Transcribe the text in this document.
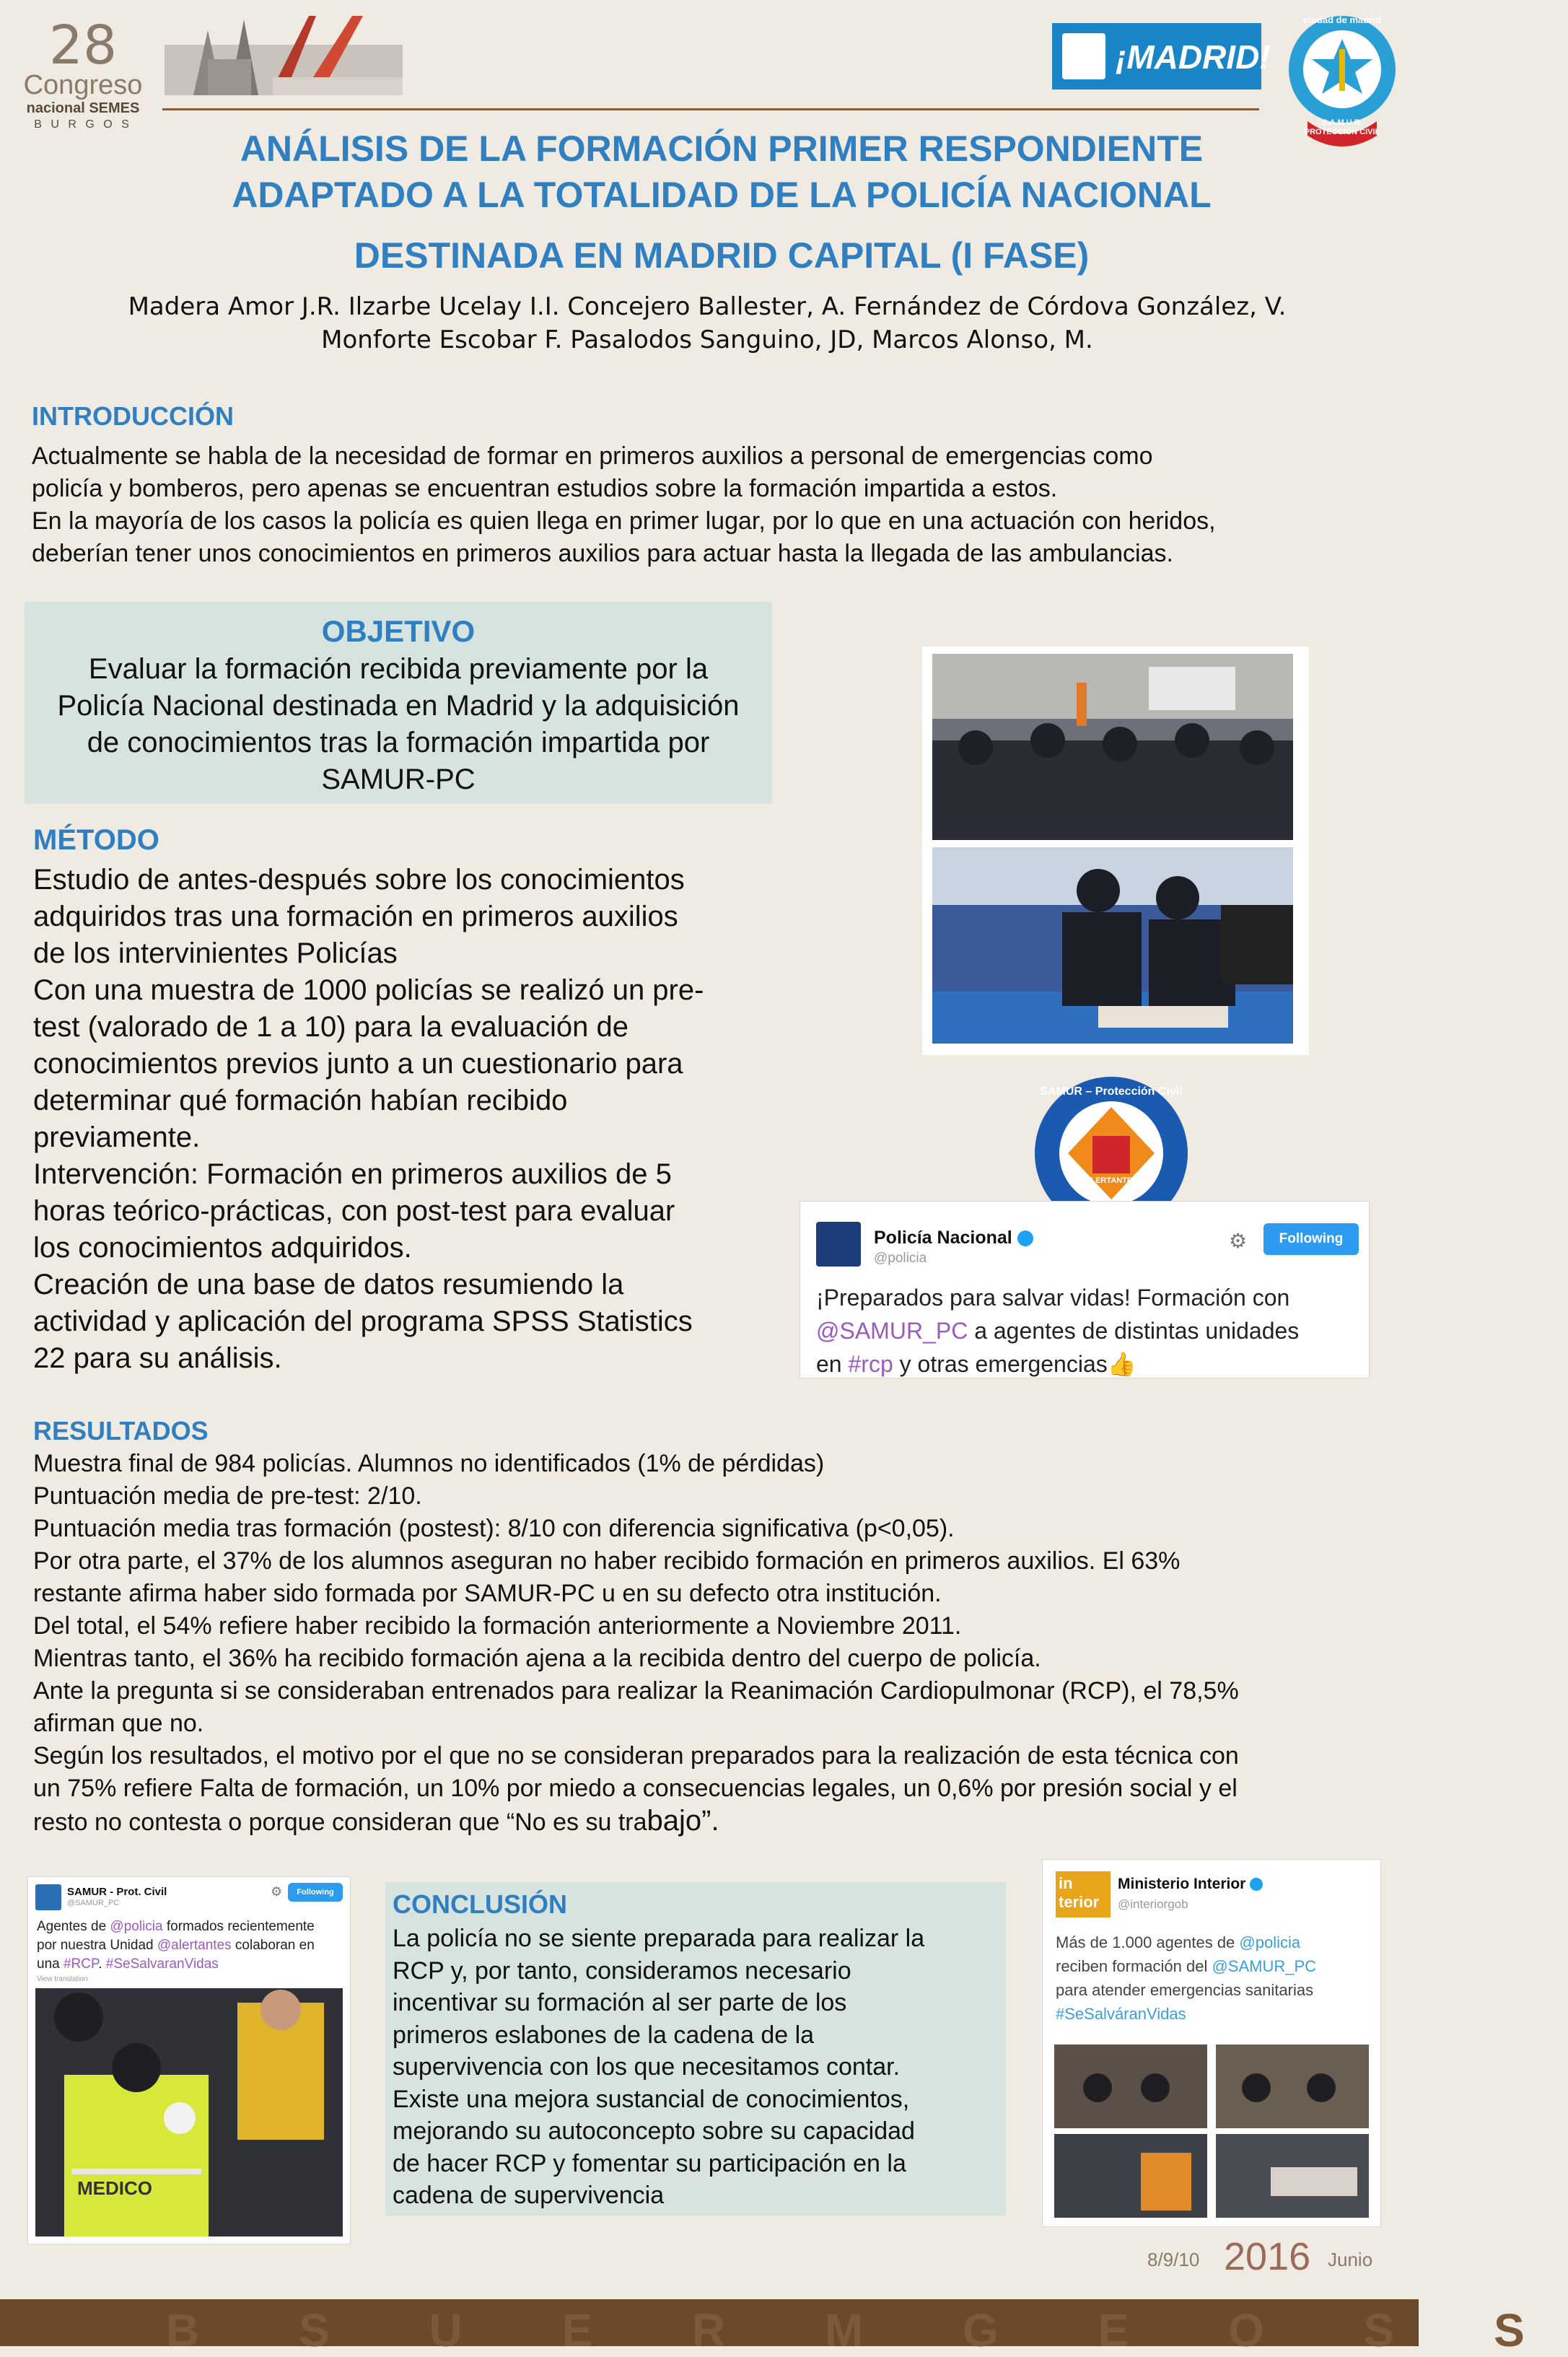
28
Congreso
nacional SEMES
B U R G O S
¡MADRID!
ciudad de madrid
S.A.M.U.R. PROTECCIÓN CIVIL
ANÁLISIS DE LA FORMACIÓN PRIMER RESPONDIENTE
ADAPTADO A LA TOTALIDAD DE LA POLICÍA NACIONAL
DESTINADA EN MADRID CAPITAL (I FASE)
Madera Amor J.R. Ilzarbe Ucelay I.I. Concejero Ballester, A. Fernández de Córdova González, V.
Monforte Escobar F. Pasalodos Sanguino, JD, Marcos Alonso, M.
INTRODUCCIÓN
Actualmente se habla de la necesidad de formar en primeros auxilios a personal de emergencias como
policía y bomberos, pero apenas se encuentran estudios sobre la formación impartida a estos.
En la mayoría de los casos la policía es quien llega en primer lugar, por lo que en una actuación con heridos,
deberían tener unos conocimientos en primeros auxilios para actuar hasta la llegada de las ambulancias.
OBJETIVO
Evaluar la formación recibida previamente por la
Policía Nacional destinada en Madrid y la adquisición
de conocimientos tras la formación impartida por
SAMUR-PC
MÉTODO
Estudio de antes-después sobre los conocimientos
adquiridos tras una formación en primeros auxilios
de los intervinientes Policías
Con una muestra de 1000 policías se realizó un pre-
test (valorado de 1 a 10) para la evaluación de
conocimientos previos junto a un cuestionario para
determinar qué formación habían recibido
previamente.
Intervención: Formación en primeros auxilios de 5
horas teórico-prácticas, con post-test para evaluar
los conocimientos adquiridos.
Creación de una base de datos resumiendo la
actividad y aplicación del programa SPSS Statistics
22 para su análisis.
SAMUR – Protección Civil
ALERTANTES
Policía Nacional
@policia
⚙	Following
¡Preparados para salvar vidas! Formación con
@SAMUR_PC a agentes de distintas unidades
en #rcp y otras emergencias👍
RESULTADOS
Muestra final de 984 policías. Alumnos no identificados (1% de pérdidas)
Puntuación media de pre-test: 2/10.
Puntuación media tras formación (postest): 8/10 con diferencia significativa (p<0,05).
Por otra parte, el 37% de los alumnos aseguran no haber recibido formación en primeros auxilios. El 63%
restante afirma haber sido formada por SAMUR-PC u en su defecto otra institución.
Del total, el 54% refiere haber recibido la formación anteriormente a Noviembre 2011.
Mientras tanto, el 36% ha recibido formación ajena a la recibida dentro del cuerpo de policía.
Ante la pregunta si se consideraban entrenados para realizar la Reanimación Cardiopulmonar (RCP), el 78,5%
afirman que no.
Según los resultados, el motivo por el que no se consideran preparados para la realización de esta técnica con
un 75% refiere Falta de formación, un 10% por miedo a consecuencias legales, un 0,6% por presión social y el
resto no contesta o porque consideran que “No es su trabajo”.
SAMUR - Prot. Civil
@SAMUR_PC
⚙	Following
Agentes de @policia formados recientemente
por nuestra Unidad @alertantes colaboran en
una #RCP. #SeSalvaranVidas
View translation
MEDICO
CONCLUSIÓN
La policía no se siente preparada para realizar la
RCP y, por tanto, consideramos necesario
incentivar su formación al ser parte de los
primeros eslabones de la cadena de la
supervivencia con los que necesitamos contar.
Existe una mejora sustancial de conocimientos,
mejorando su autoconcepto sobre su capacidad
de hacer RCP y fomentar su participación en la
cadena de supervivencia
in terior
Ministerio Interior
@interiorgob
Más de 1.000 agentes de @policia
reciben formación del @SAMUR_PC
para atender emergencias sanitarias
#SeSalváranVidas
8/9/10 2016 Junio
B S U E R M G E O S S
